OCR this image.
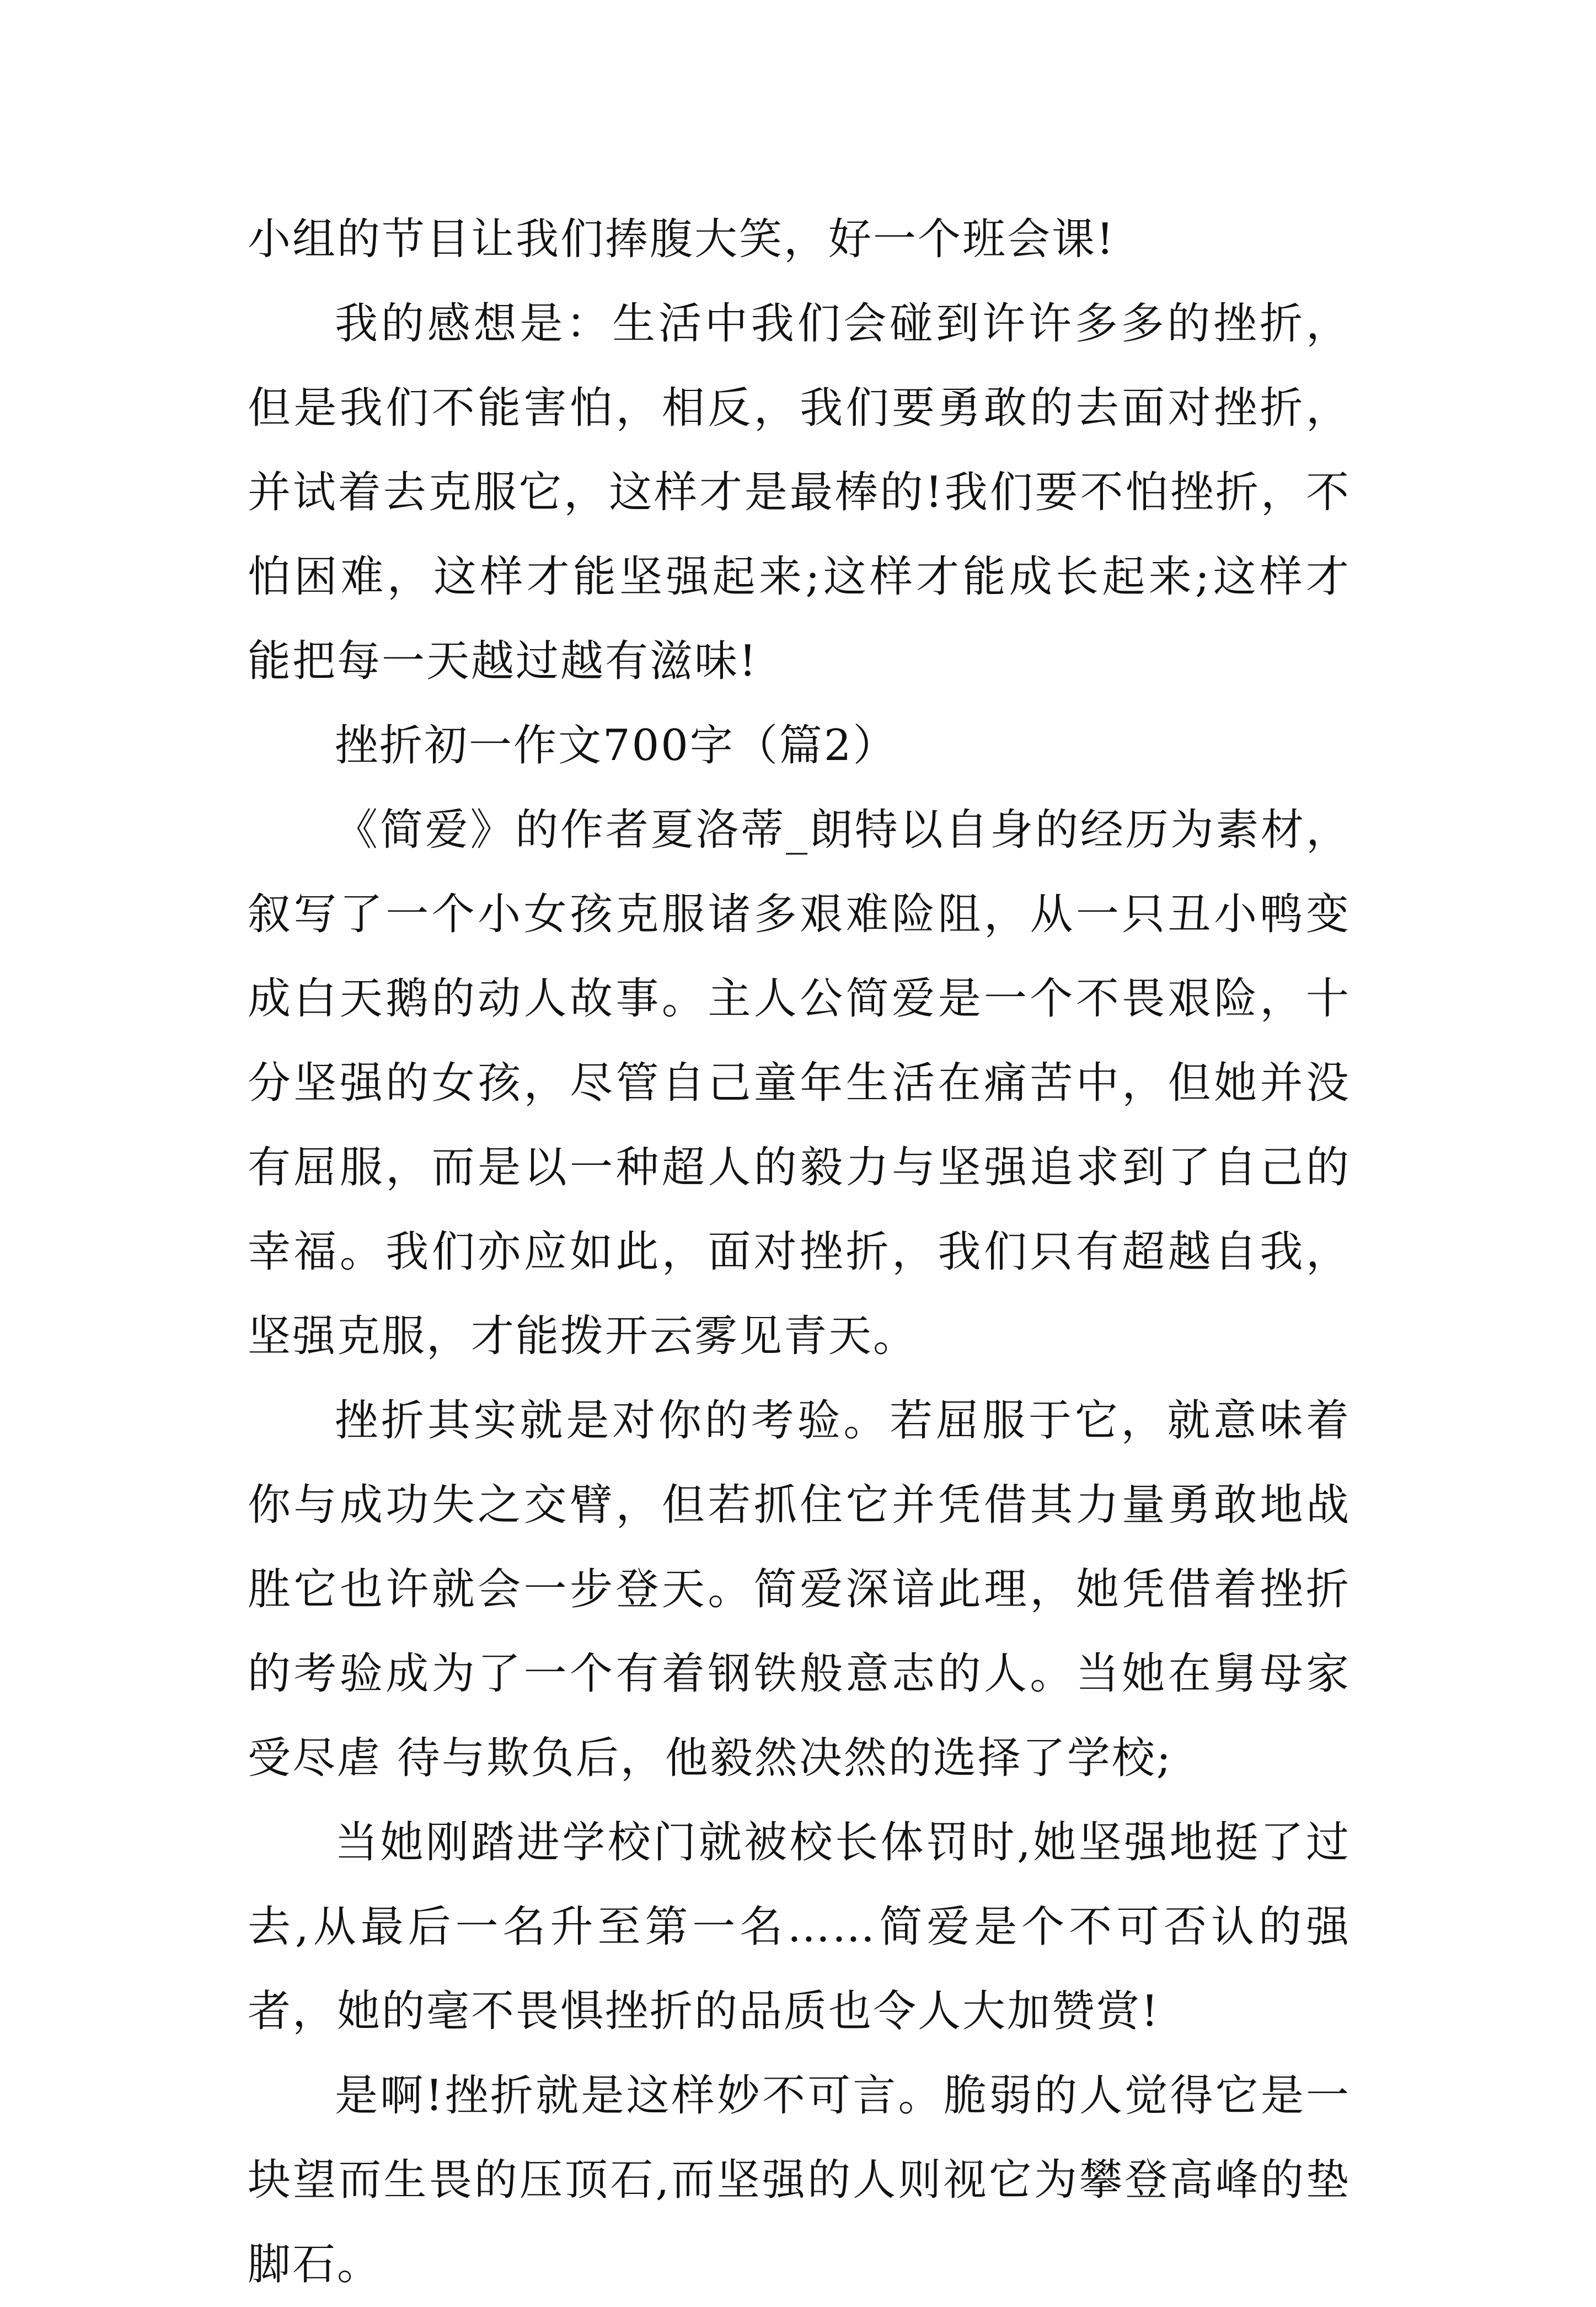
小组的节目让我们捧腹大笑，好一个班会课!

我的感想是：生活中我们会碰到许许多多的挫折，但是我们不能害怕，相反，我们要勇敢的去面对挫折，并试着去克服它，这样才是最棒的!我们要不怕挫折，不怕困难，这样才能坚强起来;这样才能成长起来;这样才能把每一天越过越有滋味!

挫折初一作文700字（篇2）

《简爱》的作者夏洛蒂_朗特以自身的经历为素材，叙写了一个小女孩克服诸多艰难险阻，从一只丑小鸭变成白天鹅的动人故事。主人公简爱是一个不畏艰险，十分坚强的女孩，尽管自己童年生活在痛苦中，但她并没有屈服，而是以一种超人的毅力与坚强追求到了自己的幸福。我们亦应如此，面对挫折，我们只有超越自我，坚强克服，才能拨开云雾见青天。

挫折其实就是对你的考验。若屈服于它，就意味着你与成功失之交臂，但若抓住它并凭借其力量勇敢地战胜它也许就会一步登天。简爱深谙此理，她凭借着挫折的考验成为了一个有着钢铁般意志的人。当她在舅母家受尽虐 待与欺负后，他毅然决然的选择了学校;

当她刚踏进学校门就被校长体罚时,她坚强地挺了过去,从最后一名升至第一名……简爱是个不可否认的强者，她的毫不畏惧挫折的品质也令人大加赞赏!

是啊!挫折就是这样妙不可言。脆弱的人觉得它是一块望而生畏的压顶石,而坚强的人则视它为攀登高峰的垫脚石。
